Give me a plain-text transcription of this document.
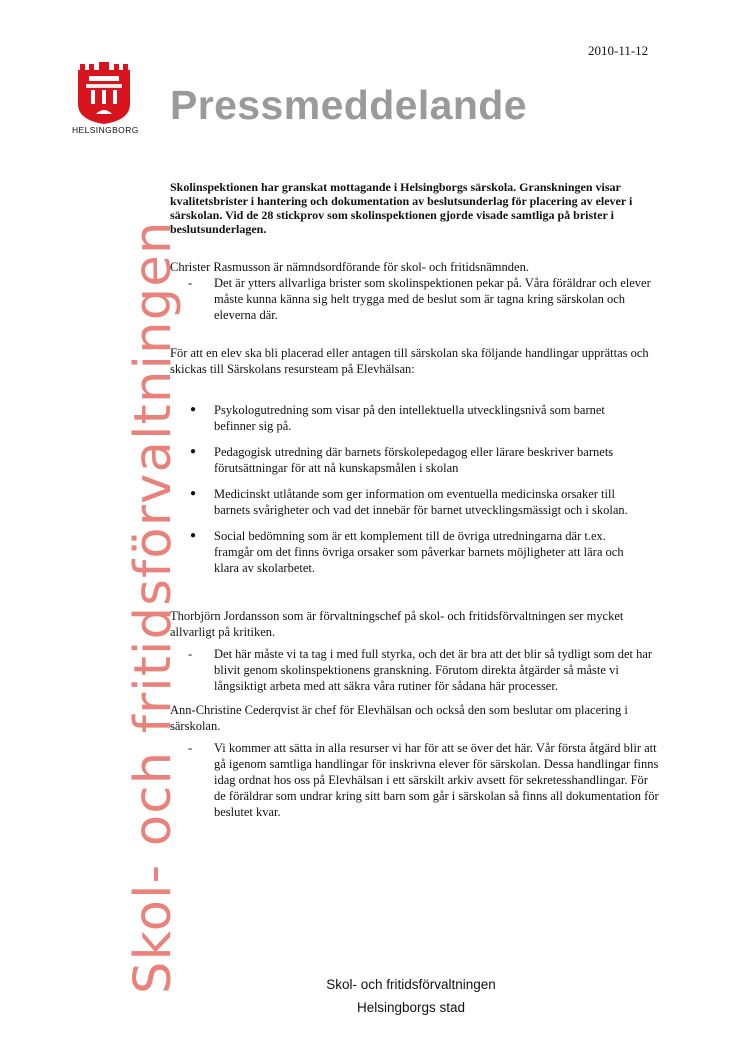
2010-11-12
HELSINGBORG
Pressmeddelande
Skol- och fritidsförvaltningen

Skolinspektionen har granskat mottagande i Helsingborgs särskola. Granskningen visar kvalitetsbrister i hantering och dokumentation av beslutsunderlag för placering av elever i särskolan. Vid de 28 stickprov som skolinspektionen gjorde visade samtliga på brister i beslutsunderlagen.

Christer Rasmusson är nämndsordförande för skol- och fritidsnämnden.

-	Det är ytters allvarliga brister som skolinspektionen pekar på. Våra föräldrar och elever måste kunna känna sig helt trygga med de beslut som är tagna kring särskolan och eleverna där.

För att en elev ska bli placerad eller antagen till särskolan ska följande handlingar upprättas och skickas till Särskolans resursteam på Elevhälsan:

●	Psykologutredning som visar på den intellektuella utvecklingsnivå som barnet befinner sig på.
●	Pedagogisk utredning där barnets förskolepedagog eller lärare beskriver barnets förutsättningar för att nå kunskapsmålen i skolan
●	Medicinskt utlåtande som ger information om eventuella medicinska orsaker till barnets svårigheter och vad det innebär för barnet utvecklingsmässigt och i skolan.
●	Social bedömning som är ett komplement till de övriga utredningarna där t.ex. framgår om det finns övriga orsaker som påverkar barnets möjligheter att lära och klara av skolarbetet.

Thorbjörn Jordansson som är förvaltningschef på skol- och fritidsförvaltningen ser mycket allvarligt på kritiken.

-	Det här måste vi ta tag i med full styrka, och det är bra att det blir så tydligt som det har blivit genom skolinspektionens granskning. Förutom direkta åtgärder så måste vi långsiktigt arbeta med att säkra våra rutiner för sådana här processer.

Ann-Christine Cederqvist är chef för Elevhälsan och också den som beslutar om placering i särskolan.

-	Vi kommer att sätta in alla resurser vi har för att se över det här. Vår första åtgärd blir att gå igenom samtliga handlingar för inskrivna elever för särskolan. Dessa handlingar finns idag ordnat hos oss på Elevhälsan i ett särskilt arkiv avsett för sekretesshandlingar. För de föräldrar som undrar kring sitt barn som går i särskolan så finns all dokumentation för beslutet kvar.
Skol- och fritidsförvaltningen
Helsingborgs stad
